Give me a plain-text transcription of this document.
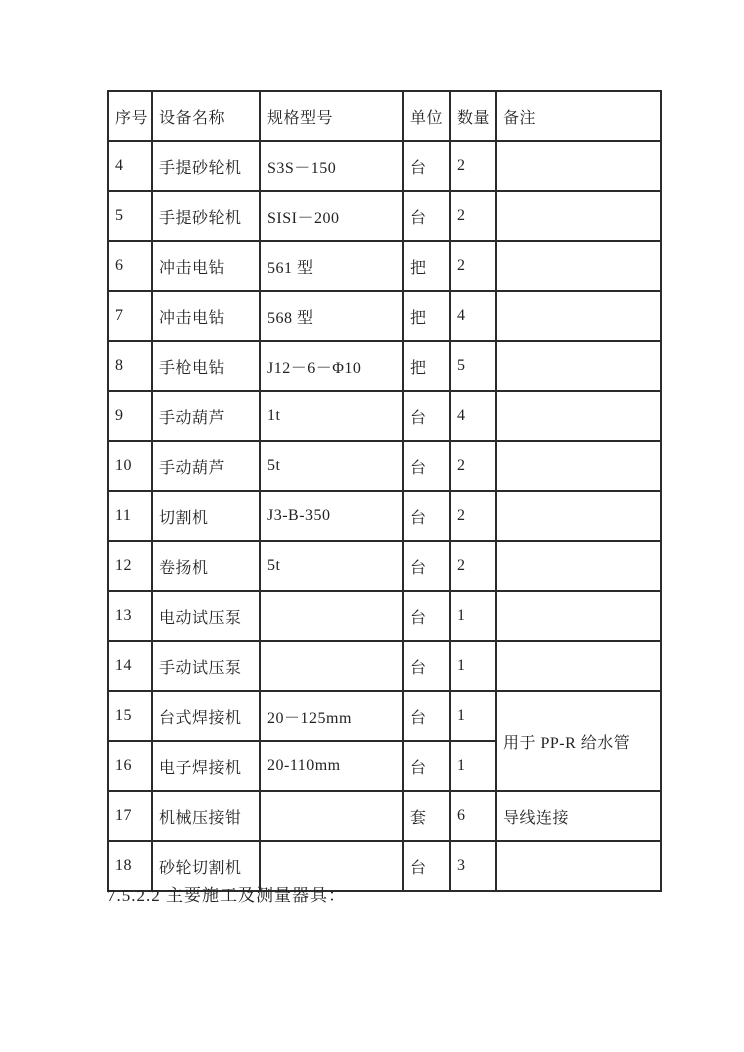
序号	设备名称	规格型号	单位	数量	备注
4	手提砂轮机	S3S－150	台	2	
5	手提砂轮机	SISI－200	台	2	
6	冲击电钻	561 型	把	2	
7	冲击电钻	568 型	把	4	
8	手枪电钻	J12－6－Φ10	把	5	
9	手动葫芦	1t	台	4	
10	手动葫芦	5t	台	2	
11	切割机	J3-B-350	台	2	
12	卷扬机	5t	台	2	
13	电动试压泵		台	1	
14	手动试压泵		台	1	
15	台式焊接机	20－125mm	台	1	用于 PP-R 给水管
16	电子焊接机	20-110mm	台	1	
17	机械压接钳		套	6	导线连接
18	砂轮切割机		台	3	
7.5.2.2 主要施工及测量器具：
